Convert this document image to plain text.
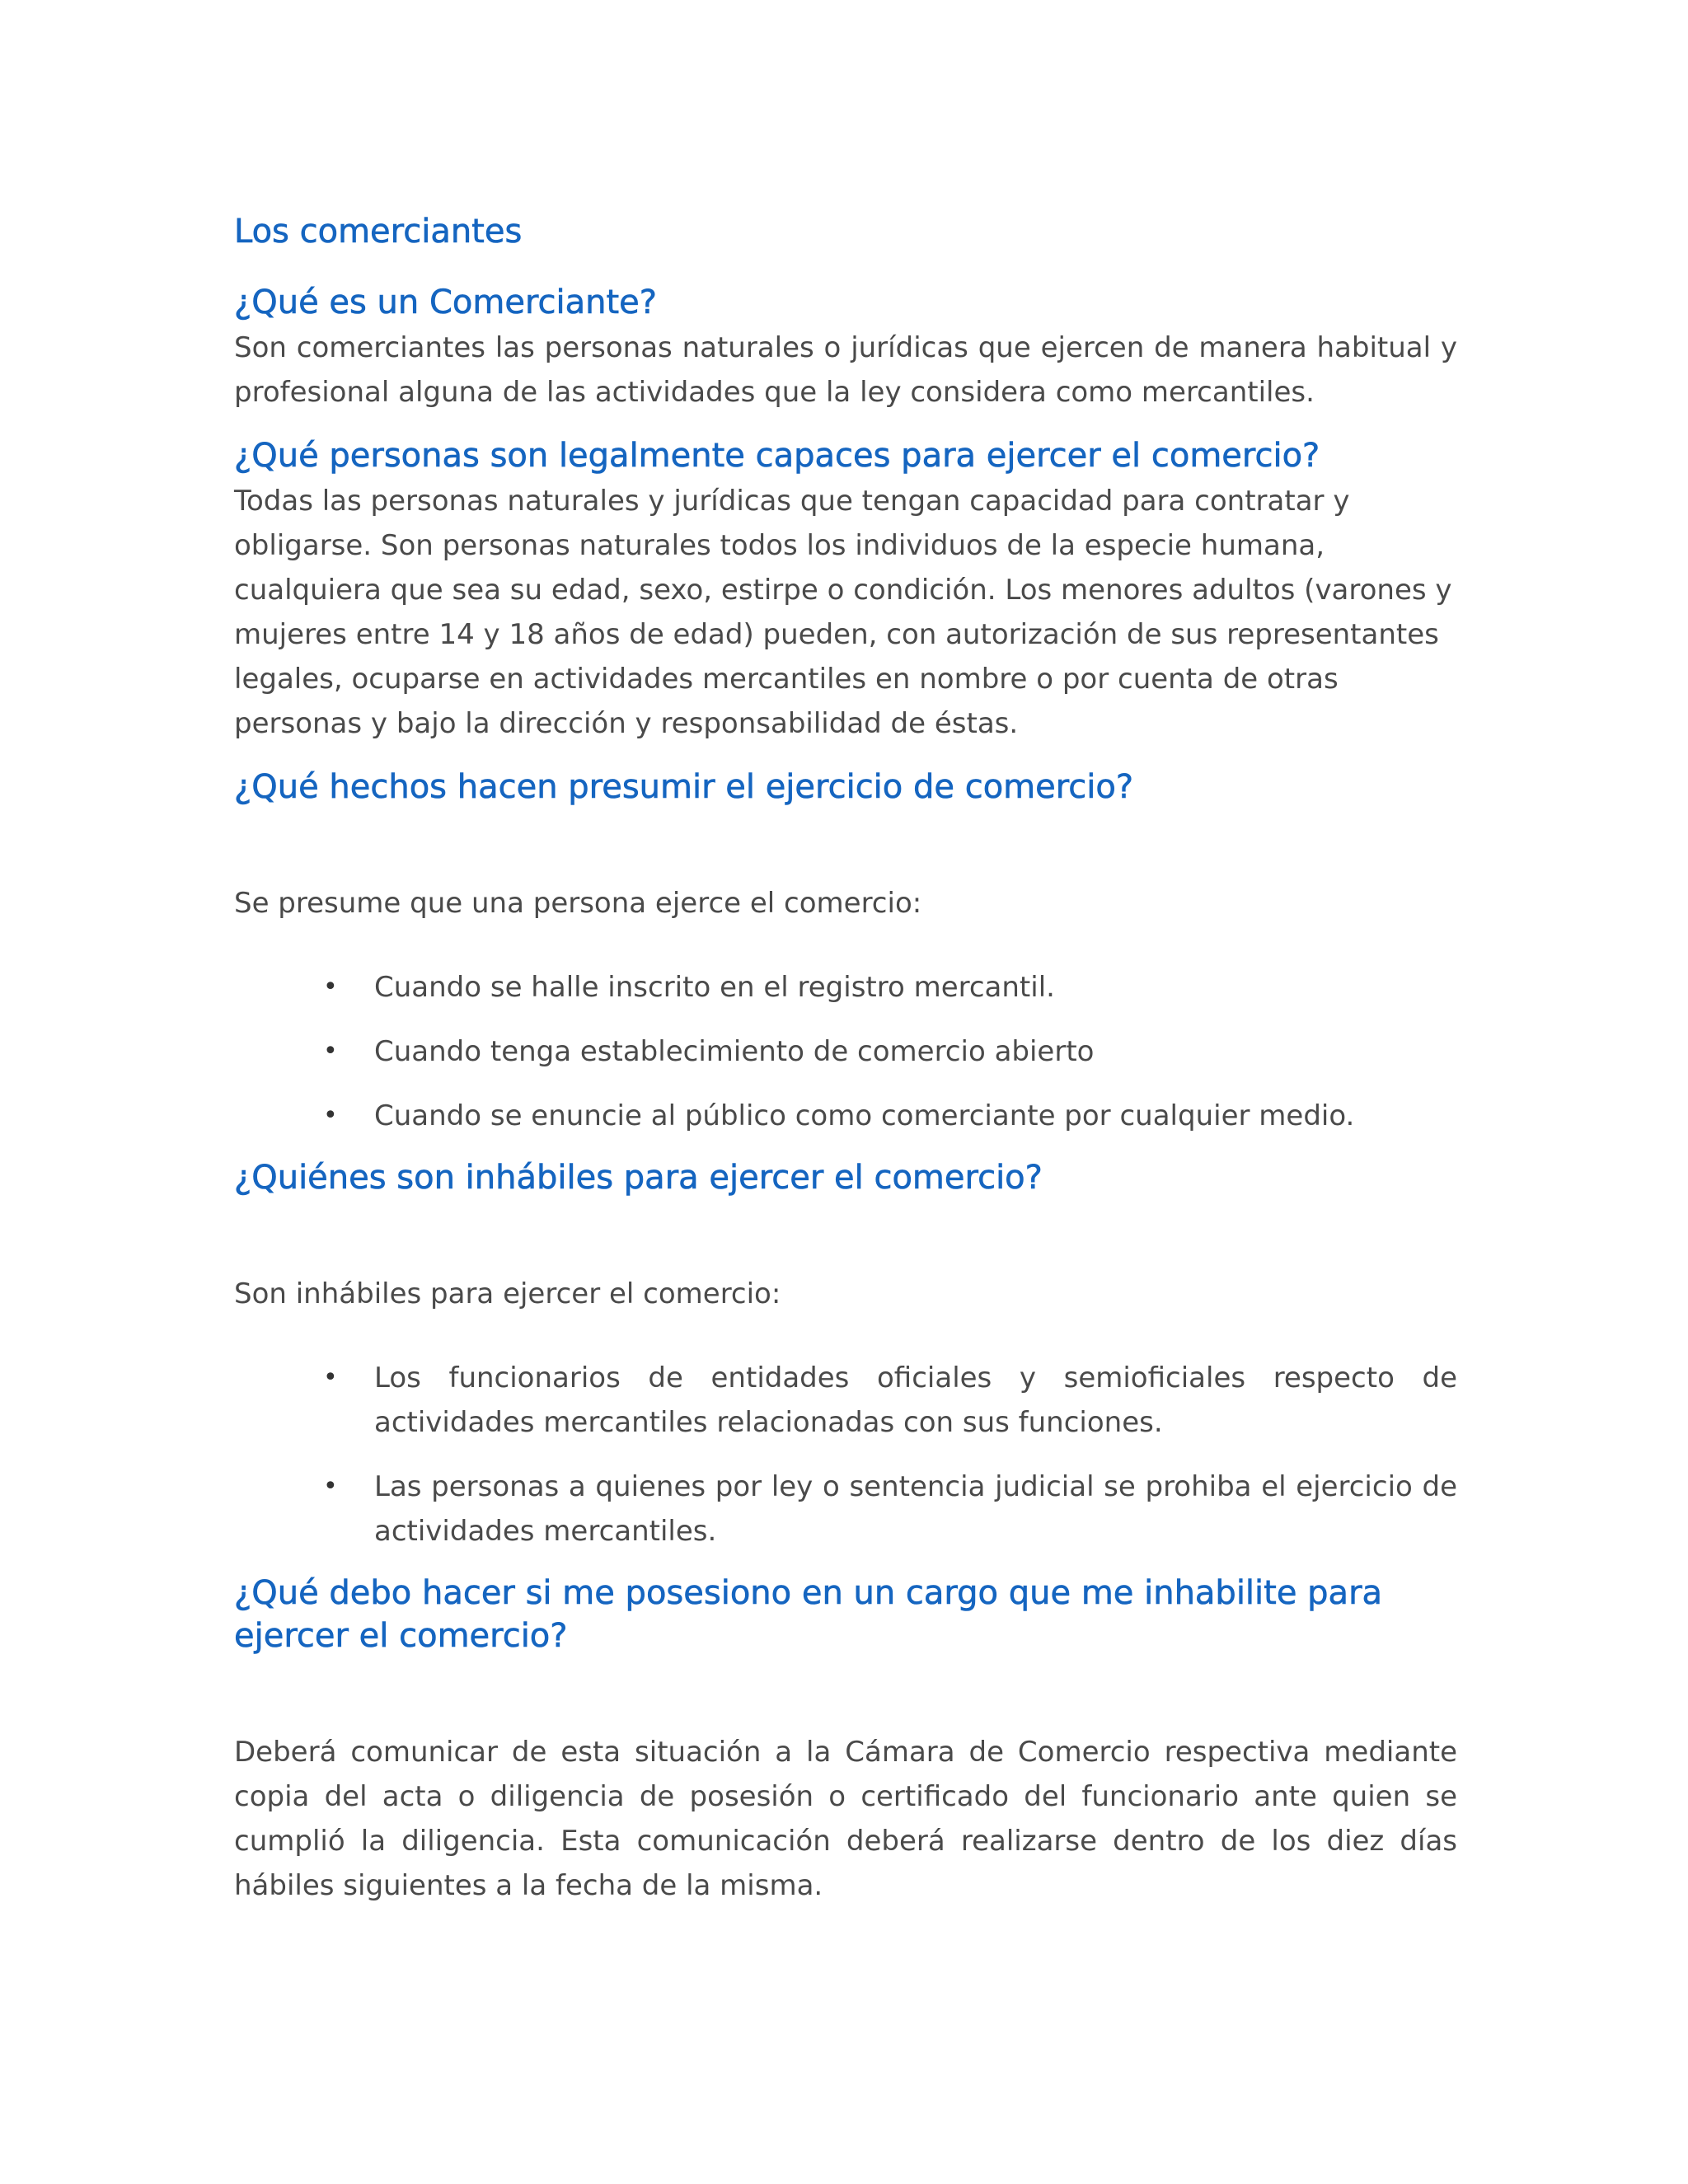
Los comerciantes
¿Qué es un Comerciante?

Son comerciantes las personas naturales o jurídicas que ejercen de manera habitual y profesional alguna de las actividades que la ley considera como mercantiles.

¿Qué personas son legalmente capaces para ejercer el comercio?

Todas las personas naturales y jurídicas que tengan capacidad para contratar y obligarse. Son personas naturales todos los individuos de la especie humana, cualquiera que sea su edad, sexo, estirpe o condición. Los menores adultos (varones y mujeres entre 14 y 18 años de edad) pueden, con autorización de sus representantes legales, ocuparse en actividades mercantiles en nombre o por cuenta de otras personas y bajo la dirección y responsabilidad de éstas.

¿Qué hechos hacen presumir el ejercicio de comercio?

Se presume que una persona ejerce el comercio:

• Cuando se halle inscrito en el registro mercantil.
• Cuando tenga establecimiento de comercio abierto
• Cuando se enuncie al público como comerciante por cualquier medio.
¿Quiénes son inhábiles para ejercer el comercio?

Son inhábiles para ejercer el comercio:

• Los funcionarios de entidades oficiales y semioficiales respecto de actividades mercantiles relacionadas con sus funciones.
• Las personas a quienes por ley o sentencia judicial se prohiba el ejercicio de actividades mercantiles.
¿Qué debo hacer si me posesiono en un cargo que me inhabilite para ejercer el comercio?

Deberá comunicar de esta situación a la Cámara de Comercio respectiva mediante copia del acta o diligencia de posesión o certificado del funcionario ante quien se cumplió la diligencia. Esta comunicación deberá realizarse dentro de los diez días hábiles siguientes a la fecha de la misma.
